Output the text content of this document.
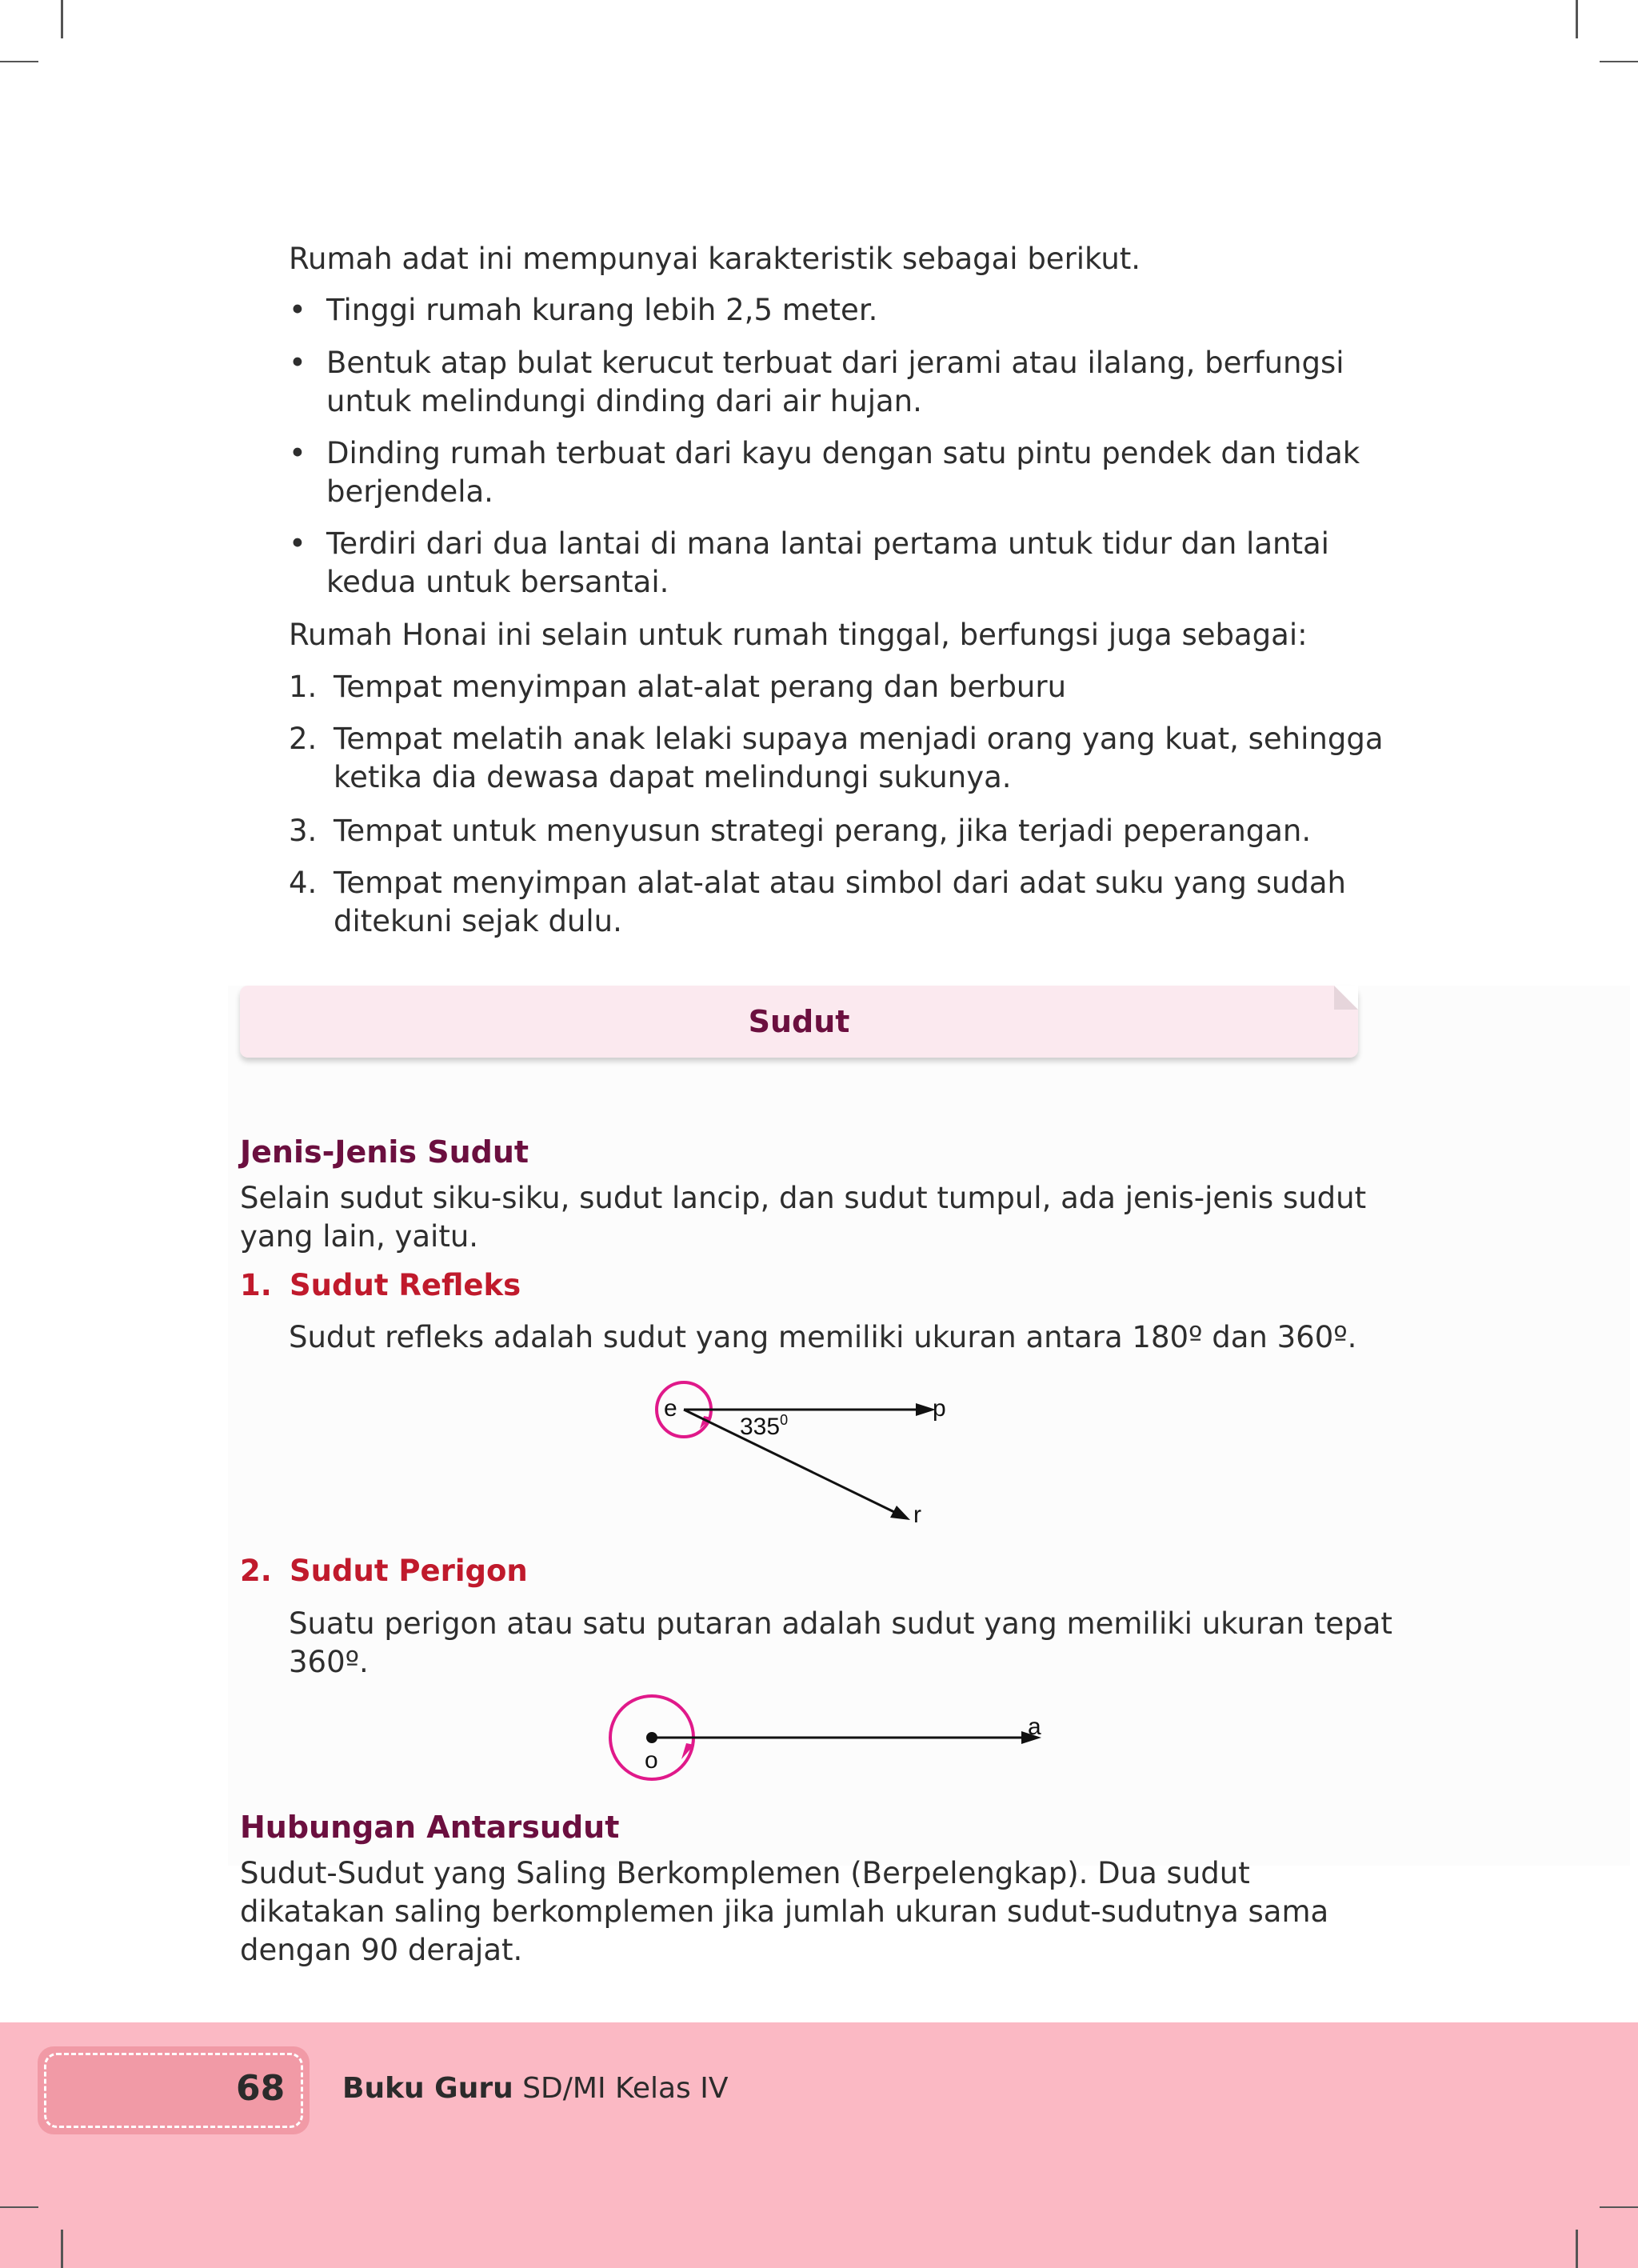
Rumah adat ini mempunyai karakteristik sebagai berikut.

• Tinggi rumah kurang lebih 2,5 meter.
• Bentuk atap bulat kerucut terbuat dari jerami atau ilalang, berfungsi untuk melindungi dinding dari air hujan.
• Dinding rumah terbuat dari kayu dengan satu pintu pendek dan tidak berjendela.
• Terdiri dari dua lantai di mana lantai pertama untuk tidur dan lantai kedua untuk bersantai.

Rumah Honai ini selain untuk rumah tinggal, berfungsi juga sebagai:

1. Tempat menyimpan alat-alat perang dan berburu
2. Tempat melatih anak lelaki supaya menjadi orang yang kuat, sehingga ketika dia dewasa dapat melindungi sukunya.
3. Tempat untuk menyusun strategi perang, jika terjadi peperangan.
4. Tempat menyimpan alat-alat atau simbol dari adat suku yang sudah ditekuni sejak dulu.
Sudut
Jenis-Jenis Sudut

Selain sudut siku-siku, sudut lancip, dan sudut tumpul, ada jenis-jenis sudut yang lain, yaitu.

1. Sudut Refleks

Sudut refleks adalah sudut yang memiliki ukuran antara 180º dan 360º.

e	p
r
$335^0$
2. Sudut Perigon

Suatu perigon atau satu putaran adalah sudut yang memiliki ukuran tepat 360º.

o
a
Hubungan Antarsudut

Sudut-Sudut yang Saling Berkomplemen (Berpelengkap). Dua sudut dikatakan saling berkomplemen jika jumlah ukuran sudut-sudutnya sama dengan 90 derajat.

68 Buku Guru SD/MI Kelas IV
